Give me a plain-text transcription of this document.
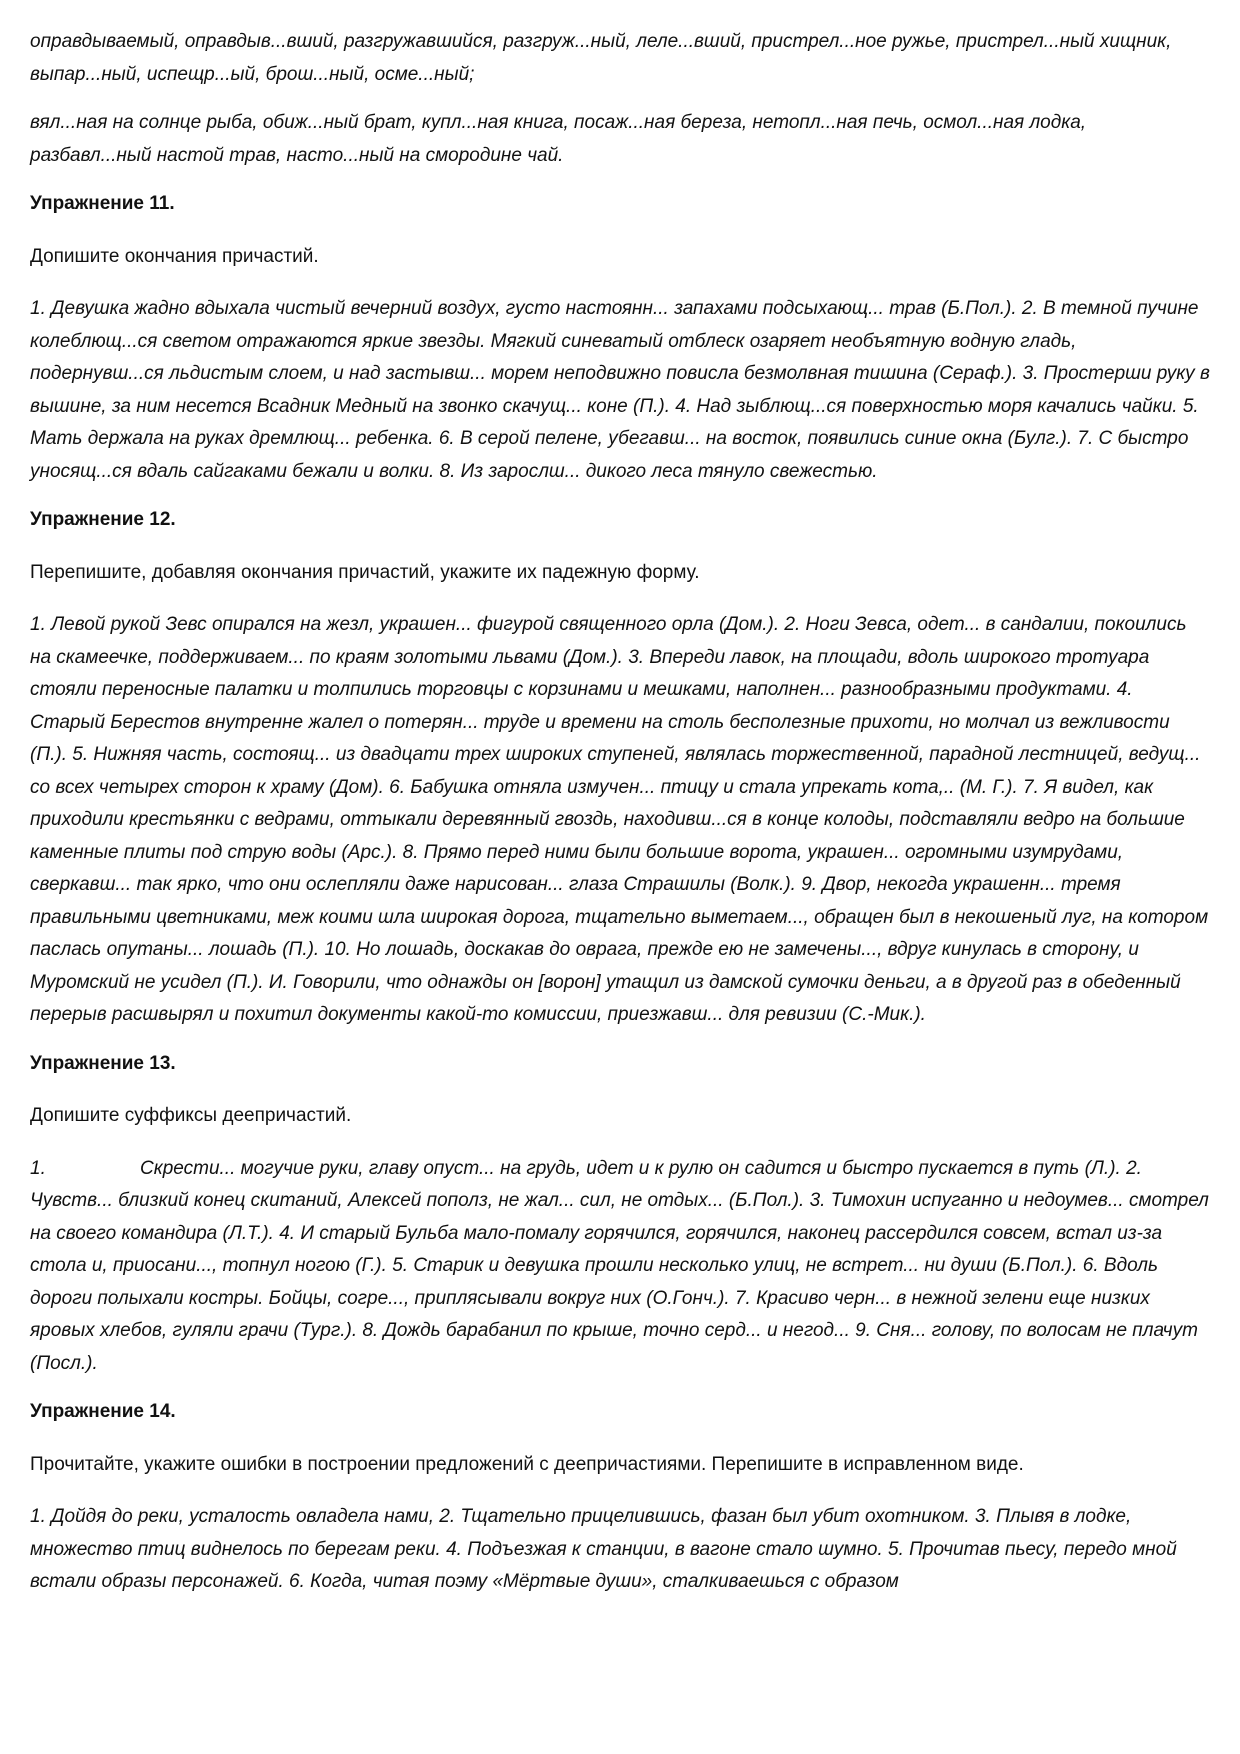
оправдываемый, оправдыв...вший, разгружавшийся, разгруж...ный, леле...вший, пристрел...ное ружье, пристрел...ный хищник, выпар...ный, испещр...ый, брош...ный, осме...ный;

вял...ная на солнце рыба, обиж...ный брат, купл...ная книга, посаж...ная береза, нетопл...ная печь, осмол...ная лодка, разбавл...ный настой трав, насто...ный на смородине чай.

Упражнение 11.

Допишите окончания причастий.

1. Девушка жадно вдыхала чистый вечерний воздух, густо настоянн... запахами подсыхающ... трав (Б.Пол.). 2. В темной пучине колеблющ...ся светом отражаются яркие звезды. Мягкий синеватый отблеск озаряет необъятную водную гладь, подернувш...ся льдистым слоем, и над застывш... морем неподвижно повисла безмолвная тишина (Сераф.). 3. Простерши руку в вышине, за ним несется Всадник Медный на звонко скачущ... коне (П.). 4. Над зыблющ...ся поверхностью моря качались чайки. 5. Мать держала на руках дремлющ... ребенка. 6. В серой пелене, убегавш... на восток, появились синие окна (Булг.). 7. С быстро уносящ...ся вдаль сайгаками бежали и волки. 8. Из зарослш... дикого леса тянуло свежестью.

Упражнение 12.

Перепишите, добавляя окончания причастий, укажите их падежную форму.

1. Левой рукой Зевс опирался на жезл, украшен... фигурой священного орла (Дом.). 2. Ноги Зевса, одет... в сандалии, покоились на скамеечке, поддерживаем... по краям золотыми львами (Дом.). 3. Впереди лавок, на площади, вдоль широкого тротуара стояли переносные палатки и толпились торговцы с корзинами и мешками, наполнен... разнообразными продуктами. 4. Старый Берестов внутренне жалел о потерян... труде и времени на столь бесполезные прихоти, но молчал из вежливости (П.). 5. Нижняя часть, состоящ... из двадцати трех широких ступеней, являлась торжественной, парадной лестницей, ведущ... со всех четырех сторон к храму (Дом). 6. Бабушка отняла измучен... птицу и стала упрекать кота,.. (М. Г.). 7. Я видел, как приходили крестьянки с ведрами, оттыкали деревянный гвоздь, находивш...ся в конце колоды, подставляли ведро на большие каменные плиты под струю воды (Арс.). 8. Прямо перед ними были большие ворота, украшен... огромными изумрудами, сверкавш... так ярко, что они ослепляли даже нарисован... глаза Страшилы (Волк.). 9. Двор, некогда украшенн... тремя правильными цветниками, меж коими шла широкая дорога, тщательно выметаем..., обращен был в некошеный луг, на котором паслась опутаны... лошадь (П.). 10. Но лошадь, доскакав до оврага, прежде ею не замечены..., вдруг кинулась в сторону, и Муромский не усидел (П.). И. Говорили, что однажды он [ворон] утащил из дамской сумочки деньги, а в другой раз в обеденный перерыв расшвырял и похитил документы какой-то комиссии, приезжавш... для ревизии (С.-Мик.).

Упражнение 13.

Допишите суффиксы деепричастий.

1.	Скрести... могучие руки, главу опуст... на грудь, идет и к рулю он садится и быстро пускается в путь (Л.). 2. Чувств... близкий конец скитаний, Алексей пополз, не жал... сил, не отдых... (Б.Пол.). 3. Тимохин испуганно и недоумев... смотрел на своего командира (Л.Т.). 4. И старый Бульба мало-помалу горячился, горячился, наконец рассердился совсем, встал из-за стола и, приосани..., топнул ногою (Г.). 5. Старик и девушка прошли несколько улиц, не встрет... ни души (Б.Пол.). 6. Вдоль дороги полыхали костры. Бойцы, согре..., приплясывали вокруг них (О.Гонч.). 7. Красиво черн... в нежной зелени еще низких яровых хлебов, гуляли грачи (Тург.). 8. Дождь барабанил по крыше, точно серд... и негод... 9. Сня... голову, по волосам не плачут (Посл.).

Упражнение 14.

Прочитайте, укажите ошибки в построении предложений с деепричастиями. Перепишите в исправленном виде.

1. Дойдя до реки, усталость овладела нами, 2. Тщательно прицелившись, фазан был убит охотником. 3. Плывя в лодке, множество птиц виднелось по берегам реки. 4. Подъезжая к станции, в вагоне стало шумно. 5. Прочитав пьесу, передо мной встали образы персонажей. 6. Когда, читая поэму «Мёртвые души», сталкиваешься с образом
